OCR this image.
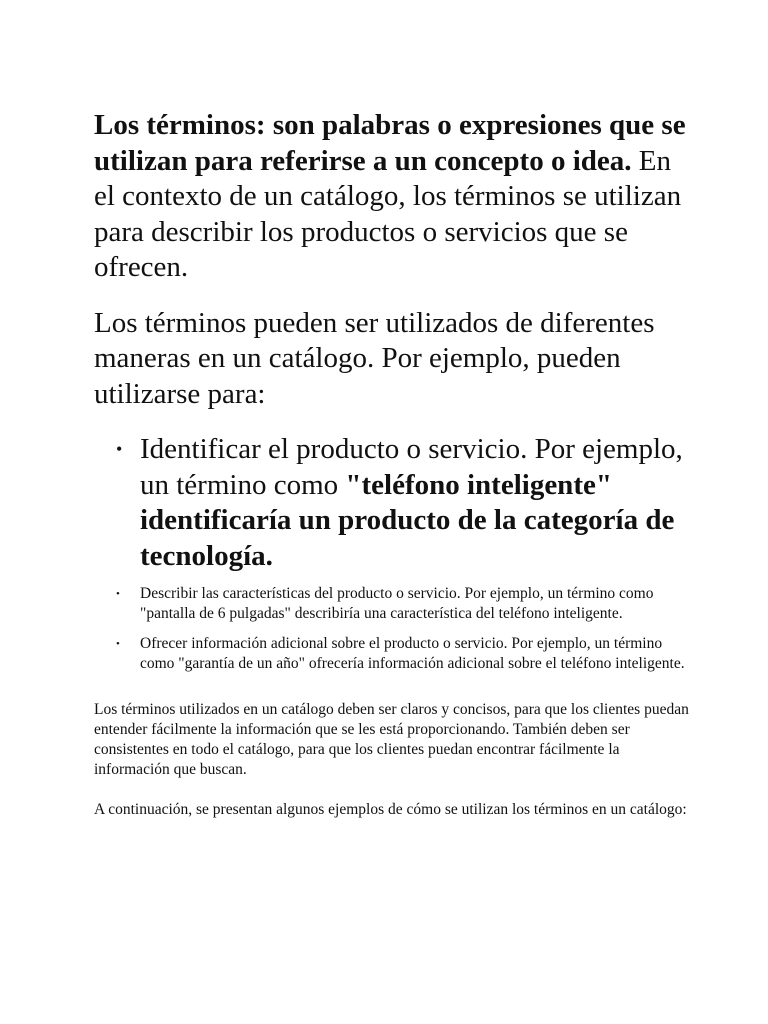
Los términos: son palabras o expresiones que se utilizan para referirse a un concepto o idea. En el contexto de un catálogo, los términos se utilizan para describir los productos o servicios que se ofrecen.

Los términos pueden ser utilizados de diferentes maneras en un catálogo. Por ejemplo, pueden utilizarse para:

• Identificar el producto o servicio. Por ejemplo, un término como "teléfono inteligente" identificaría un producto de la categoría de tecnología.
• Describir las características del producto o servicio. Por ejemplo, un término como "pantalla de 6 pulgadas" describiría una característica del teléfono inteligente.
• Ofrecer información adicional sobre el producto o servicio. Por ejemplo, un término como "garantía de un año" ofrecería información adicional sobre el teléfono inteligente.

Los términos utilizados en un catálogo deben ser claros y concisos, para que los clientes puedan entender fácilmente la información que se les está proporcionando. También deben ser consistentes en todo el catálogo, para que los clientes puedan encontrar fácilmente la información que buscan.

A continuación, se presentan algunos ejemplos de cómo se utilizan los términos en un catálogo:
